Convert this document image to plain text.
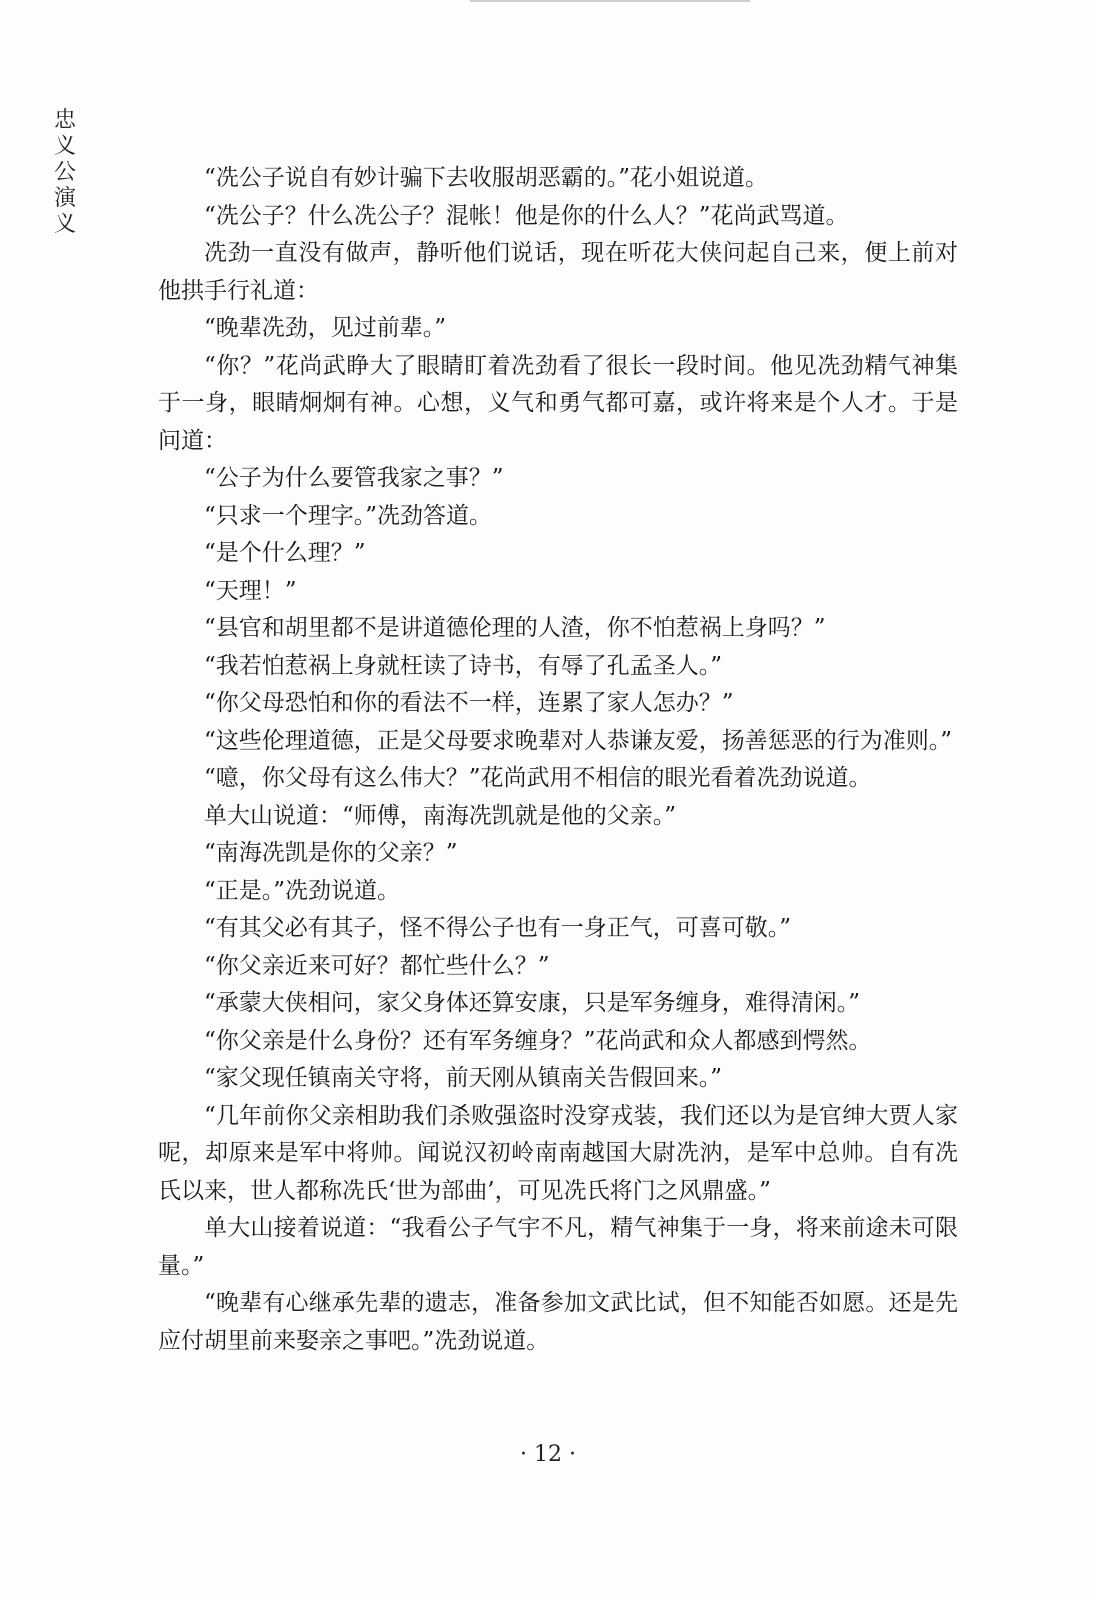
忠
义
公
演
义

“冼公子说自有妙计骗下去收服胡恶霸的。”花小姐说道。

“冼公子？什么冼公子？混帐！他是你的什么人？”花尚武骂道。

冼劲一直没有做声，静听他们说话，现在听花大侠问起自己来，便上前对他拱手行礼道：

“晚辈冼劲，见过前辈。”

“你？”花尚武睁大了眼睛盯着冼劲看了很长一段时间。他见冼劲精气神集于一身，眼睛炯炯有神。心想，义气和勇气都可嘉，或许将来是个人才。于是问道：

“公子为什么要管我家之事？”

“只求一个理字。”冼劲答道。

“是个什么理？”

“天理！”

“县官和胡里都不是讲道德伦理的人渣，你不怕惹祸上身吗？”

“我若怕惹祸上身就枉读了诗书，有辱了孔孟圣人。”

“你父母恐怕和你的看法不一样，连累了家人怎办？”

“这些伦理道德，正是父母要求晚辈对人恭谦友爱，扬善惩恶的行为准则。”

“噫，你父母有这么伟大？”花尚武用不相信的眼光看着冼劲说道。

单大山说道：“师傅，南海冼凯就是他的父亲。”

“南海冼凯是你的父亲？”

“正是。”冼劲说道。

“有其父必有其子，怪不得公子也有一身正气，可喜可敬。”

“你父亲近来可好？都忙些什么？”

“承蒙大侠相问，家父身体还算安康，只是军务缠身，难得清闲。”

“你父亲是什么身份？还有军务缠身？”花尚武和众人都感到愕然。

“家父现任镇南关守将，前天刚从镇南关告假回来。”

“几年前你父亲相助我们杀败强盗时没穿戎装，我们还以为是官绅大贾人家呢，却原来是军中将帅。闻说汉初岭南南越国大尉冼汭，是军中总帅。自有冼氏以来，世人都称冼氏‘世为部曲’，可见冼氏将门之风鼎盛。”

单大山接着说道：“我看公子气宇不凡，精气神集于一身，将来前途未可限量。”

“晚辈有心继承先辈的遗志，准备参加文武比试，但不知能否如愿。还是先应付胡里前来娶亲之事吧。”冼劲说道。

· 12 ·
